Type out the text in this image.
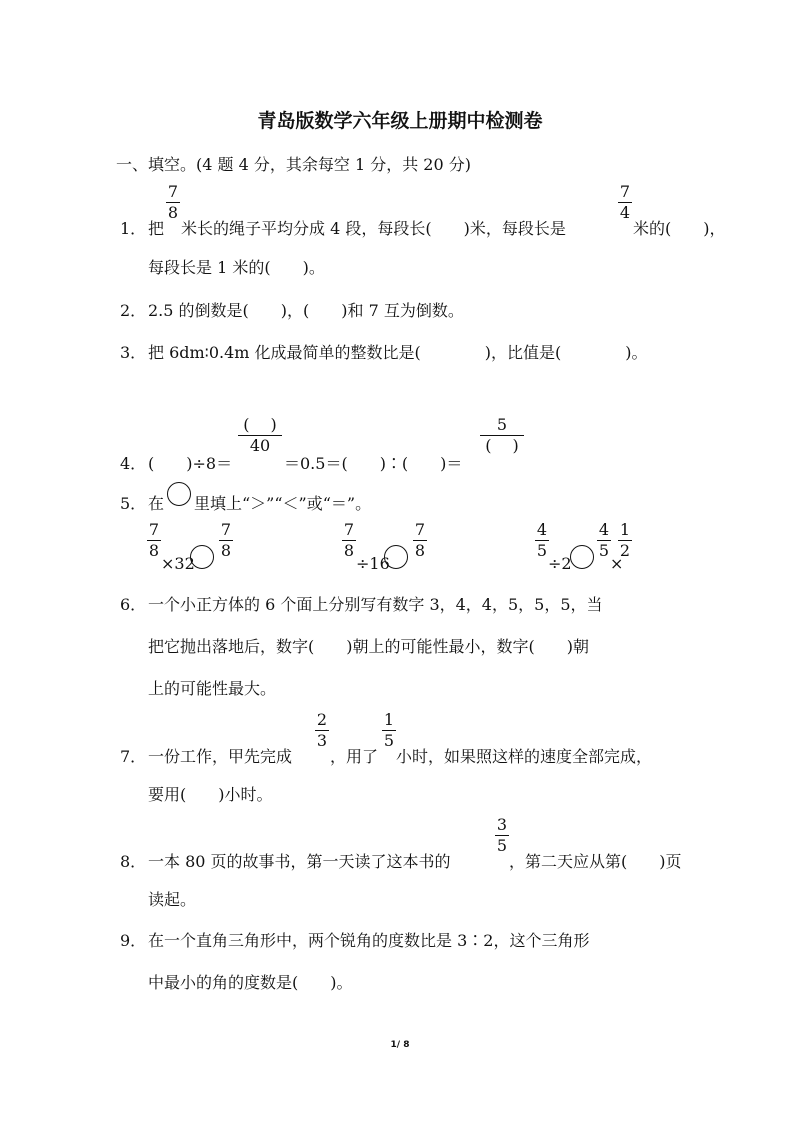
青岛版数学六年级上册期中检测卷
一、填空。(4 题 4 分，其余每空 1 分，共 20 分)
1． 把
7
8
米长的绳子平均分成 4 段，每段长(　　)米，每段长是
7
4
米的(　　)，
每段长是 1 米的(　　)。
2． 2.5 的倒数是(　　)，(　　)和 7 互为倒数。
3． 把 6dm∶0.4m 化成最简单的整数比是(　　　　)，比值是(　　　　)。
4． (　　)÷8＝
(　 )
40
＝0.5＝(　　)∶(　　)＝
5
(　 )
5． 在 里填上“＞”“＜”或“＝”。
7
8
×32
7
8
7
8
÷16
7
8
4
5
÷2
4
5
×
1
2
6． 一个小正方体的 6 个面上分别写有数字 3，4，4，5，5，5，当
把它抛出落地后，数字(　　)朝上的可能性最小，数字(　　)朝
上的可能性最大。
7． 一份工作，甲先完成
2
3
，用了
1
5
小时，如果照这样的速度全部完成，
要用(　　)小时。
8． 一本 80 页的故事书，第一天读了这本书的
3
5
，第二天应从第(　　)页
读起。
9． 在一个直角三角形中，两个锐角的度数比是 3∶2，这个三角形
中最小的角的度数是(　　)。
1/ 8
